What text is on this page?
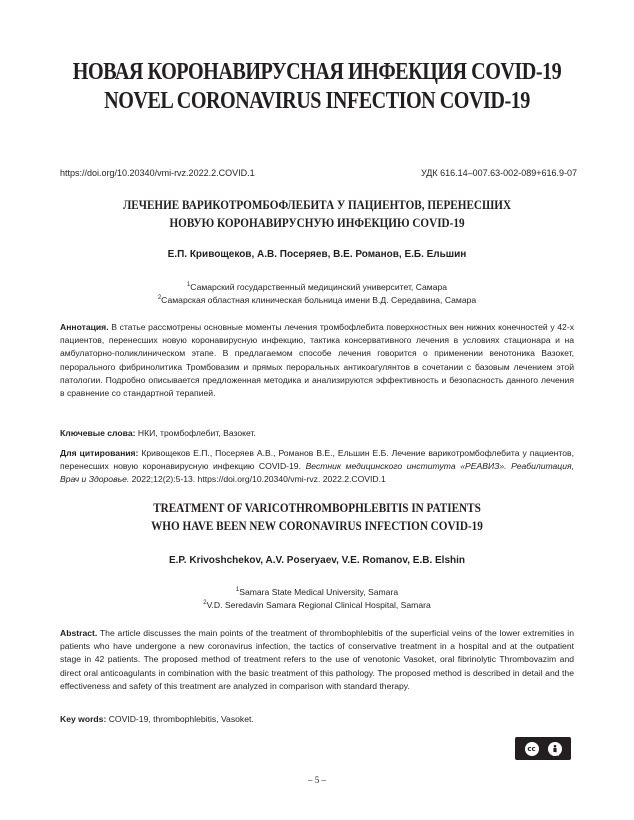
НОВАЯ КОРОНАВИРУСНАЯ ИНФЕКЦИЯ COVID-19
NOVEL CORONAVIRUS INFECTION COVID-19
https://doi.org/10.20340/vmi-rvz.2022.2.COVID.1	УДК 616.14–007.63-002-089+616.9-07
ЛЕЧЕНИЕ ВАРИКОТРОМБОФЛЕБИТА У ПАЦИЕНТОВ, ПЕРЕНЕСШИХ
НОВУЮ КОРОНАВИРУСНУЮ ИНФЕКЦИЮ COVID-19
Е.П. Кривощеков, А.В. Посеряев, В.Е. Романов, Е.Б. Ельшин
$^1$Самарский государственный медицинский университет, Самара
$^2$Самарская областная клиническая больница имени В.Д. Середавина, Самара
Аннотация. В статье рассмотрены основные моменты лечения тромбофлебита поверхностных вен нижних конечностей у 42-х пациентов, перенесших новую коронавирусную инфекцию, тактика консервативного лечения в условиях стационара и на амбулаторно-поликлиническом этапе. В предлагаемом способе лечения говорится о применении венотоника Вазокет, перорального фибринолитика Тромбовазим и прямых пероральных антикоагулянтов в сочетании с базовым лечением этой патологии. Подробно описывается предложенная методика и анализируются эффективность и безопасность данного лечения в сравнение со стандартной терапией.
Ключевые слова: НКИ, тромбофлебит, Вазокет.
Для цитирования: Кривощеков Е.П., Посеряев А.В., Романов В.Е., Ельшин Е.Б. Лечение варикотромбофлебита у пациентов, перенесших новую коронавирусную инфекцию COVID-19. Вестник медицинского института «РЕАВИЗ». Реабилитация, Врач и Здоровье. 2022;12(2):5-13. https://doi.org/10.20340/vmi-rvz. 2022.2.COVID.1
TREATMENT OF VARICOTHROMBOPHLEBITIS IN PATIENTS
WHO HAVE BEEN NEW CORONAVIRUS INFECTION COVID-19
E.P. Krivoshchekov, A.V. Poseryaev, V.E. Romanov, E.B. Elshin
$^1$Samara State Medical University, Samara
$^2$V.D. Seredavin Samara Regional Clinical Hospital, Samara
Abstract. The article discusses the main points of the treatment of thrombophlebitis of the superficial veins of the lower extremities in patients who have undergone a new coronavirus infection, the tactics of conservative treatment in a hospital and at the outpatient stage in 42 patients. The proposed method of treatment refers to the use of venotonic Vasoket, oral fibrinolytic Thrombovazim and direct oral anticoagulants in combination with the basic treatment of this pathology. The proposed method is described in detail and the effectiveness and safety of this treatment are analyzed in comparison with standard therapy.
Key words: COVID-19, thrombophlebitis, Vasoket.
cc
BY
– 5 –
